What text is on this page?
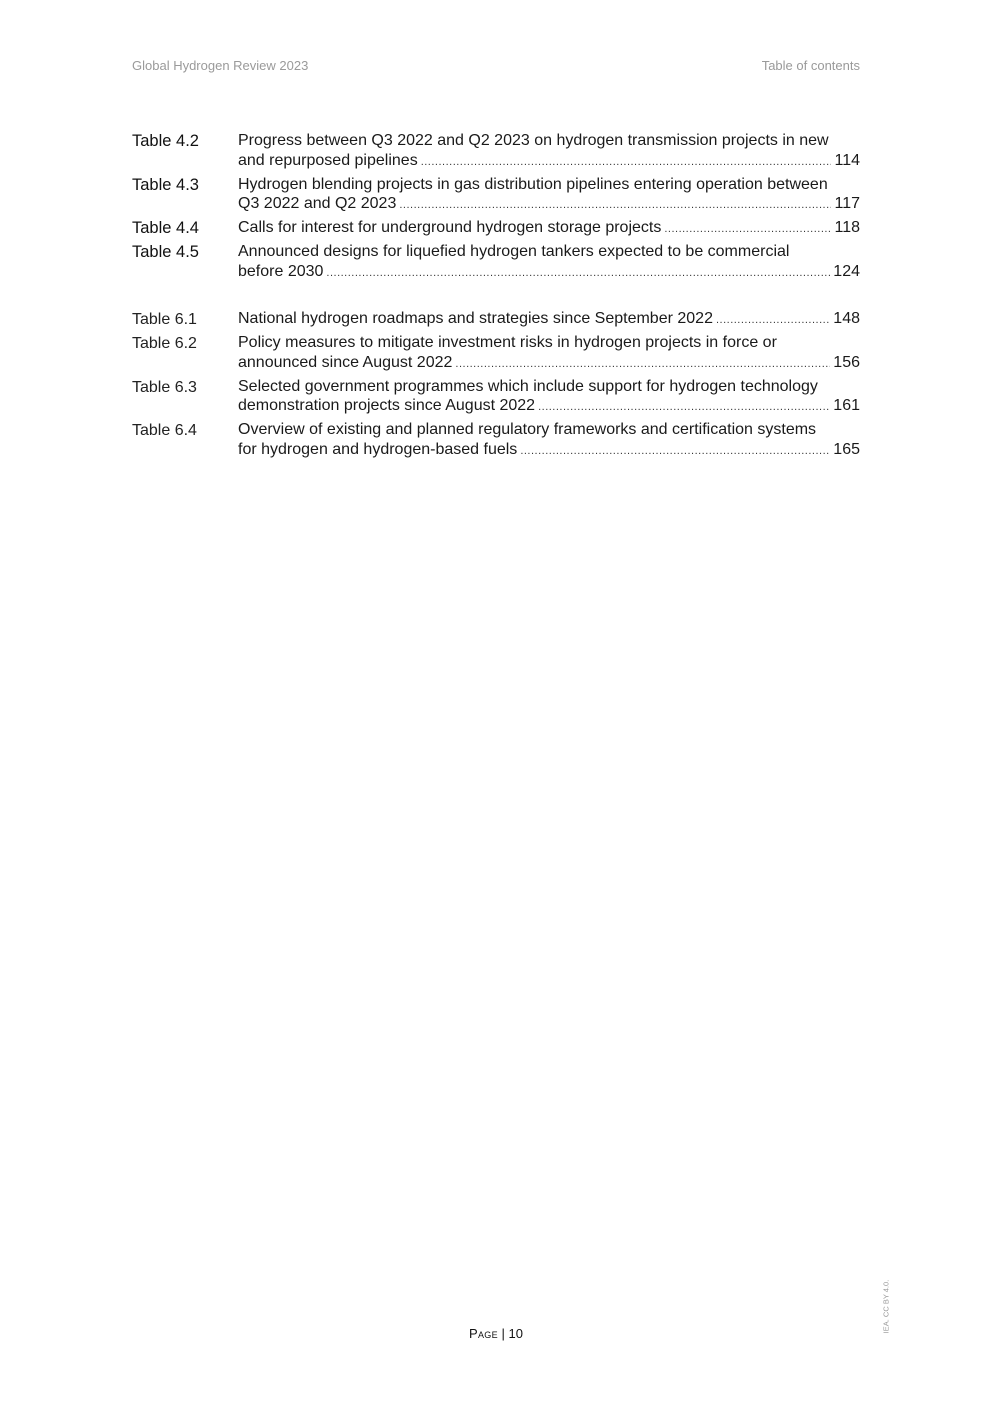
Global Hydrogen Review 2023	Table of contents
Table 4.2	Progress between Q3 2022 and Q2 2023 on hydrogen transmission projects in new
and repurposed pipelines .....	114
Table 4.3	Hydrogen blending projects in gas distribution pipelines entering operation between
Q3 2022 and Q2 2023 .....	117
Table 4.4	Calls for interest for underground hydrogen storage projects .....	118
Table 4.5	Announced designs for liquefied hydrogen tankers expected to be commercial
before 2030 .....	124
Table 6.1	National hydrogen roadmaps and strategies since September 2022 .....	148
Table 6.2	Policy measures to mitigate investment risks in hydrogen projects in force or
announced since August 2022 .....	156
Table 6.3	Selected government programmes which include support for hydrogen technology
demonstration projects since August 2022 .....	161
Table 6.4	Overview of existing and planned regulatory frameworks and certification systems
for hydrogen and hydrogen-based fuels .....	165
Page | 10
IEA. CC BY 4.0.
